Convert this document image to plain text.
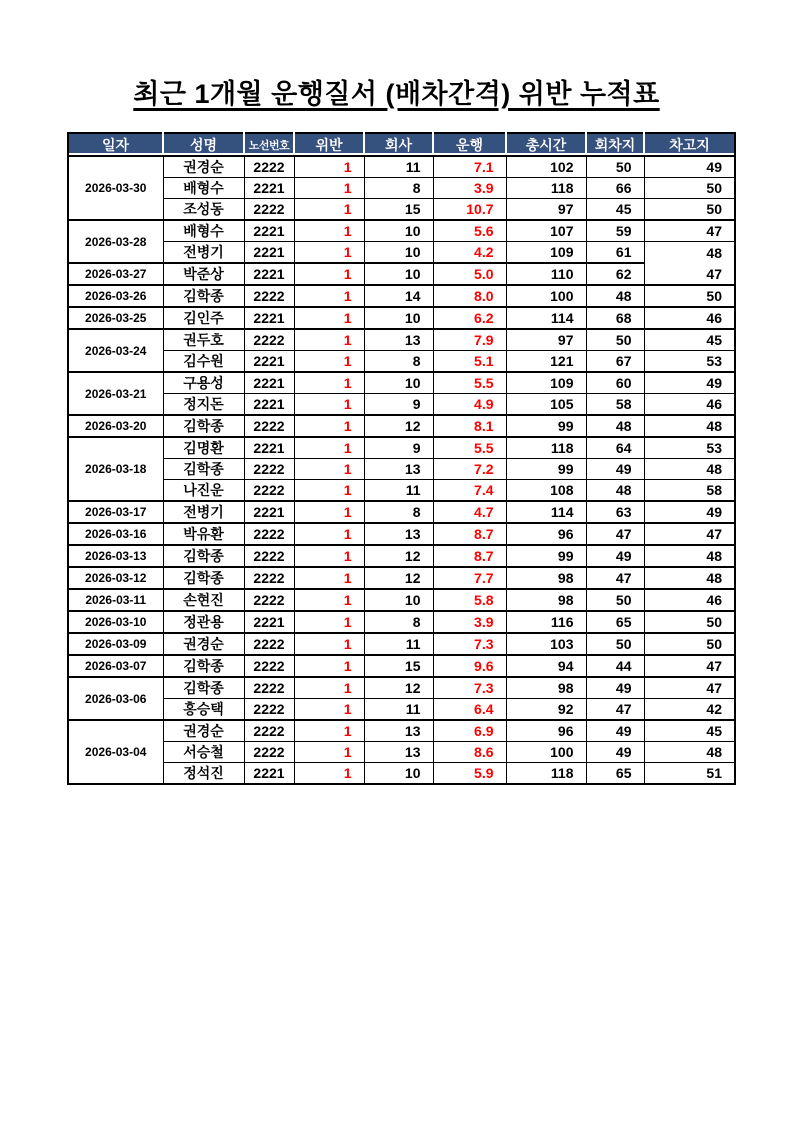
최근 1개월 운행질서 (배차간격) 위반 누적표
일자	성명	노선번호	위반	회사	운행	총시간	회차지	차고지
2026-03-30	권경순	2222	1	11	7.1	102	50	49
	배형수	2221	1	8	3.9	118	66	50
	조성동	2222	1	15	10.7	97	45	50
2026-03-28	배형수	2221	1	10	5.6	107	59	47
	전병기	2221	1	10	4.2	109	61	48
2026-03-27	박준상	2221	1	10	5.0	110	62	47
2026-03-26	김학종	2222	1	14	8.0	100	48	50
2026-03-25	김인주	2221	1	10	6.2	114	68	46
2026-03-24	권두호	2222	1	13	7.9	97	50	45
	김수원	2221	1	8	5.1	121	67	53
2026-03-21	구용성	2221	1	10	5.5	109	60	49
	정지돈	2221	1	9	4.9	105	58	46
2026-03-20	김학종	2222	1	12	8.1	99	48	48
2026-03-18	김명환	2221	1	9	5.5	118	64	53
	김학종	2222	1	13	7.2	99	49	48
	나진운	2222	1	11	7.4	108	48	58
2026-03-17	전병기	2221	1	8	4.7	114	63	49
2026-03-16	박유환	2222	1	13	8.7	96	47	47
2026-03-13	김학종	2222	1	12	8.7	99	49	48
2026-03-12	김학종	2222	1	12	7.7	98	47	48
2026-03-11	손현진	2222	1	10	5.8	98	50	46
2026-03-10	정관용	2221	1	8	3.9	116	65	50
2026-03-09	권경순	2222	1	11	7.3	103	50	50
2026-03-07	김학종	2222	1	15	9.6	94	44	47
2026-03-06	김학종	2222	1	12	7.3	98	49	47
	홍승택	2222	1	11	6.4	92	47	42
2026-03-04	권경순	2222	1	13	6.9	96	49	45
	서승철	2222	1	13	8.6	100	49	48
	정석진	2221	1	10	5.9	118	65	51
